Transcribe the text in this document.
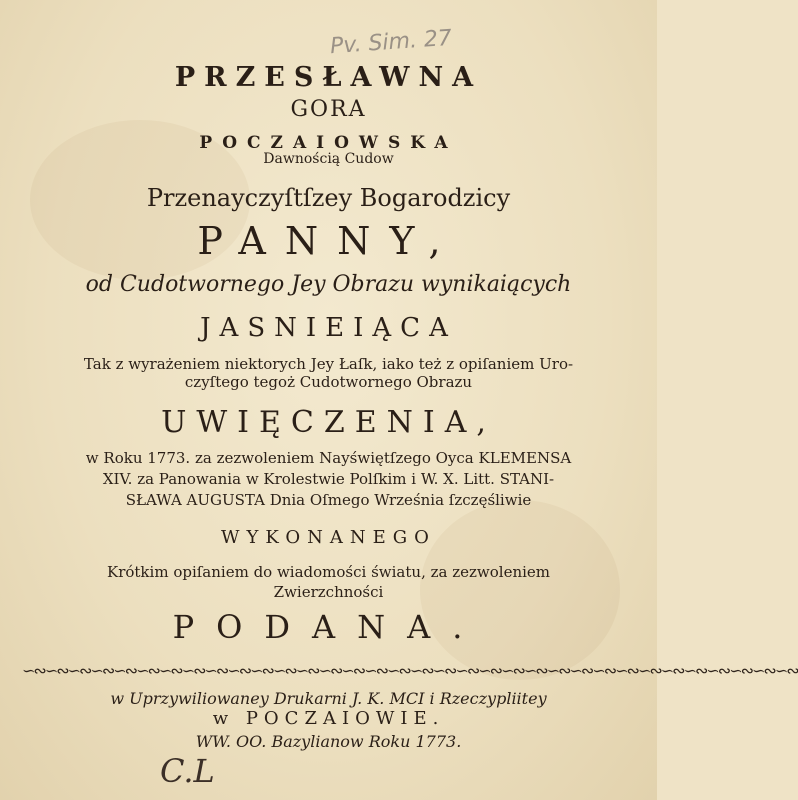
Pv. Sim. 27
PRZESŁAWNA
GORA
POCZAIOWSKA
Dawnością Cudow
Przenayczyſtſzey Bogarodzicy
PANNY,
od Cudotwornego Jey Obrazu wynikaiących
JASNIEIĄCA
Tak z wyrażeniem niektorych Jey Łaſk, iako też z opiſaniem Uro-
czyſtego tegoż Cudotwornego Obrazu
UWIĘCZENIA,
w Roku 1773. za zezwoleniem Nayświętſzego Oyca KLEMENSA
XIV. za Panowania w Krolestwie Polſkim i W. X. Litt. STANI-
SŁAWA AUGUSTA Dnia Oſmego Września ſzczęśliwie
WYKONANEGO
Krótkim opiſaniem do wiadomości światu, za zezwoleniem
Zwierzchności
PODANA.
∽∾∽∾∽∾∽∾∽∾∽∾∽∾∽∾∽∾∽∾∽∾∽∾∽∾∽∾∽∾∽∾∽∾∽∾∽∾∽∾∽∾∽∾∽∾∽∾∽∾∽∾∽∾∽∾∽∾∽∾∽∾∽∾∽∾∽∾
w Uprzywiliowaney Drukarni J. K. MCI i Rzeczypliitey
w POCZAIOWIE.
WW. OO. Bazylianow Roku 1773.
C.L
